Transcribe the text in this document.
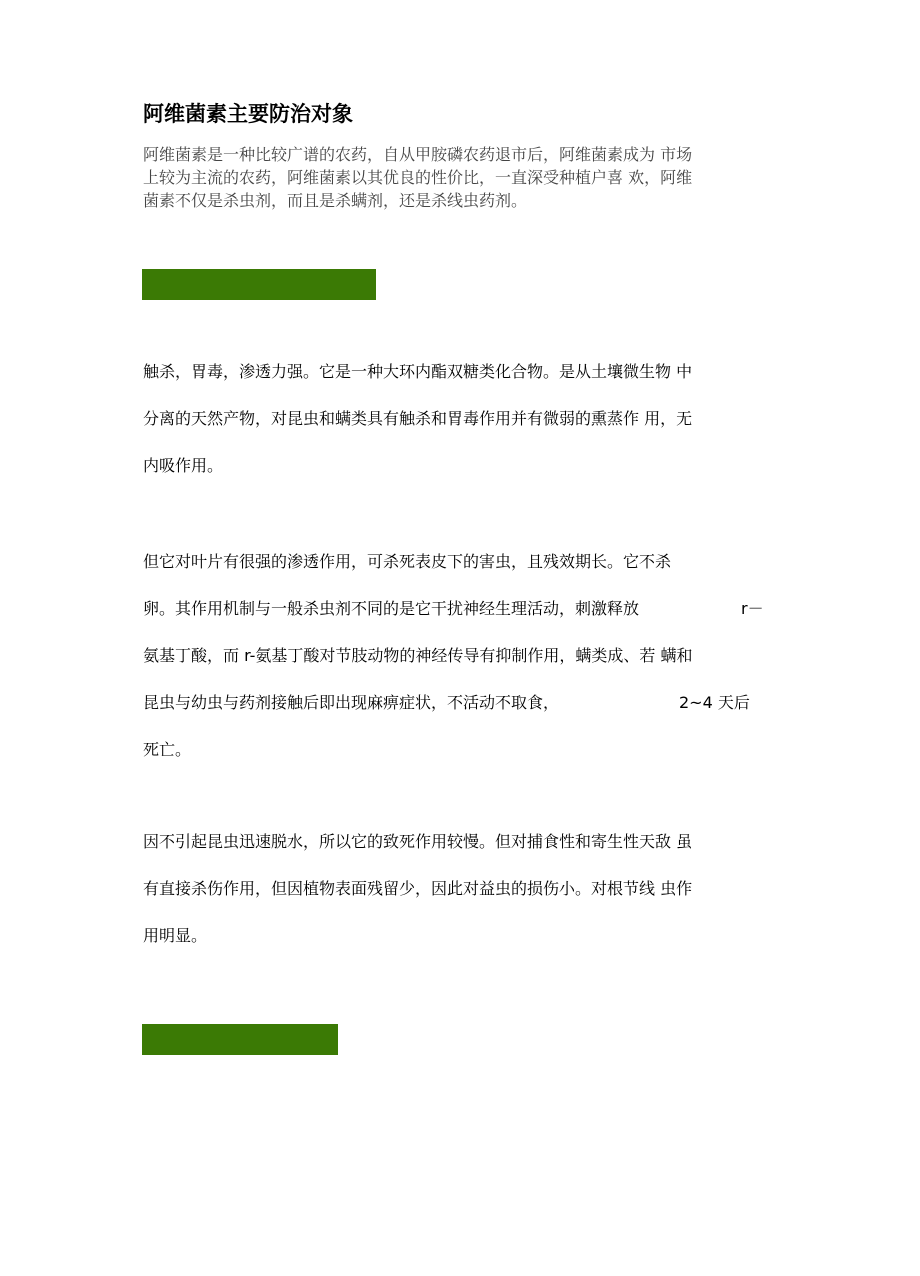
阿维菌素主要防治对象

阿维菌素是一种比较广谱的农药，自从甲胺磷农药退市后，阿维菌素成为 市场
上较为主流的农药，阿维菌素以其优良的性价比，一直深受种植户喜 欢，阿维
菌素不仅是杀虫剂，而且是杀螨剂，还是杀线虫药剂。

触杀，胃毒，渗透力强。它是一种大环内酯双糖类化合物。是从土壤微生物 中
分离的天然产物，对昆虫和螨类具有触杀和胃毒作用并有微弱的熏蒸作 用，无
内吸作用。
但它对叶片有很强的渗透作用，可杀死表皮下的害虫，且残效期长。它不杀
卵。其作用机制与一般杀虫剂不同的是它干扰神经生理活动，刺激释放	r－
氨基丁酸，而 r-氨基丁酸对节肢动物的神经传导有抑制作用，螨类成、若 螨和
昆虫与幼虫与药剂接触后即出现麻痹症状，不活动不取食，	2~4 天后
死亡。
因不引起昆虫迅速脱水，所以它的致死作用较慢。但对捕食性和寄生性天敌 虽
有直接杀伤作用，但因植物表面残留少，因此对益虫的损伤小。对根节线 虫作
用明显。
